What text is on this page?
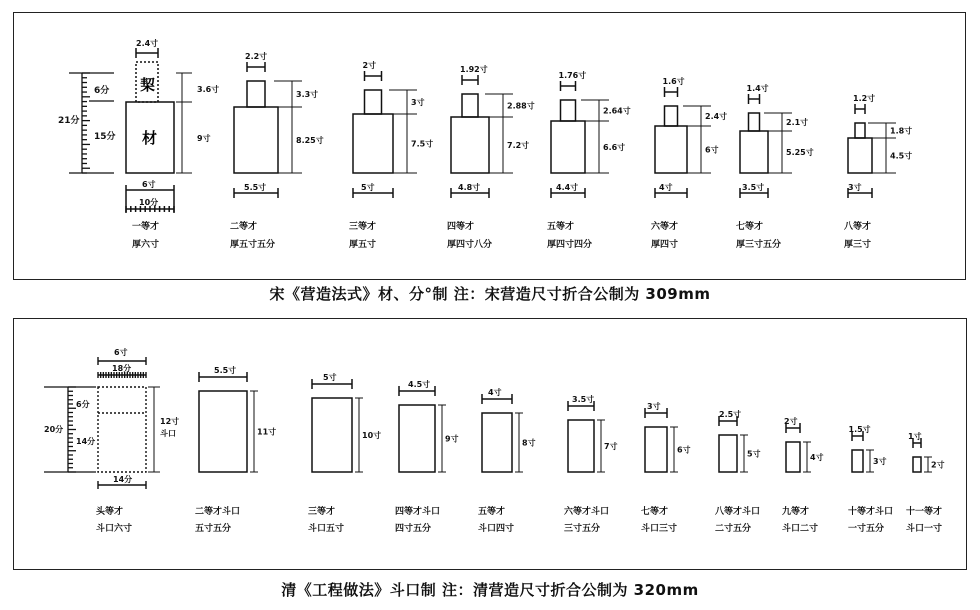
21分
6分
15分
2.4寸
栔
材
3.6寸
9寸
6寸
10分
一等才
厚六寸
2.2寸
3.3寸
8.25寸
5.5寸
二等才
厚五寸五分
2寸
3寸
7.5寸
5寸
三等才
厚五寸
1.92寸
2.88寸
7.2寸
4.8寸
四等才
厚四寸八分
1.76寸
2.64寸
6.6寸
4.4寸
五等才
厚四寸四分
1.6寸
2.4寸
6寸
4寸
六等才
厚四寸
1.4寸
2.1寸
5.25寸
3.5寸
七等才
厚三寸五分
1.2寸
1.8寸
4.5寸
3寸
八等才
厚三寸
宋《营造法式》材、分°制 注：宋营造尺寸折合公制为 309mm
20分
6分
14分
6寸
18分
12寸
斗口
14分
头等才
斗口六寸
5.5寸
11寸
二等才斗口
五寸五分
5寸
10寸
三等才
斗口五寸
4.5寸
9寸
四等才斗口
四寸五分
4寸
8寸
五等才
斗口四寸
3.5寸
7寸
六等才斗口
三寸五分
3寸
6寸
七等才
斗口三寸
2.5寸
5寸
八等才斗口
二寸五分
2寸
4寸
九等才
斗口二寸
1.5寸
3寸
十等才斗口
一寸五分
1寸
2寸
十一等才
斗口一寸
清《工程做法》斗口制 注：清营造尺寸折合公制为 320mm
